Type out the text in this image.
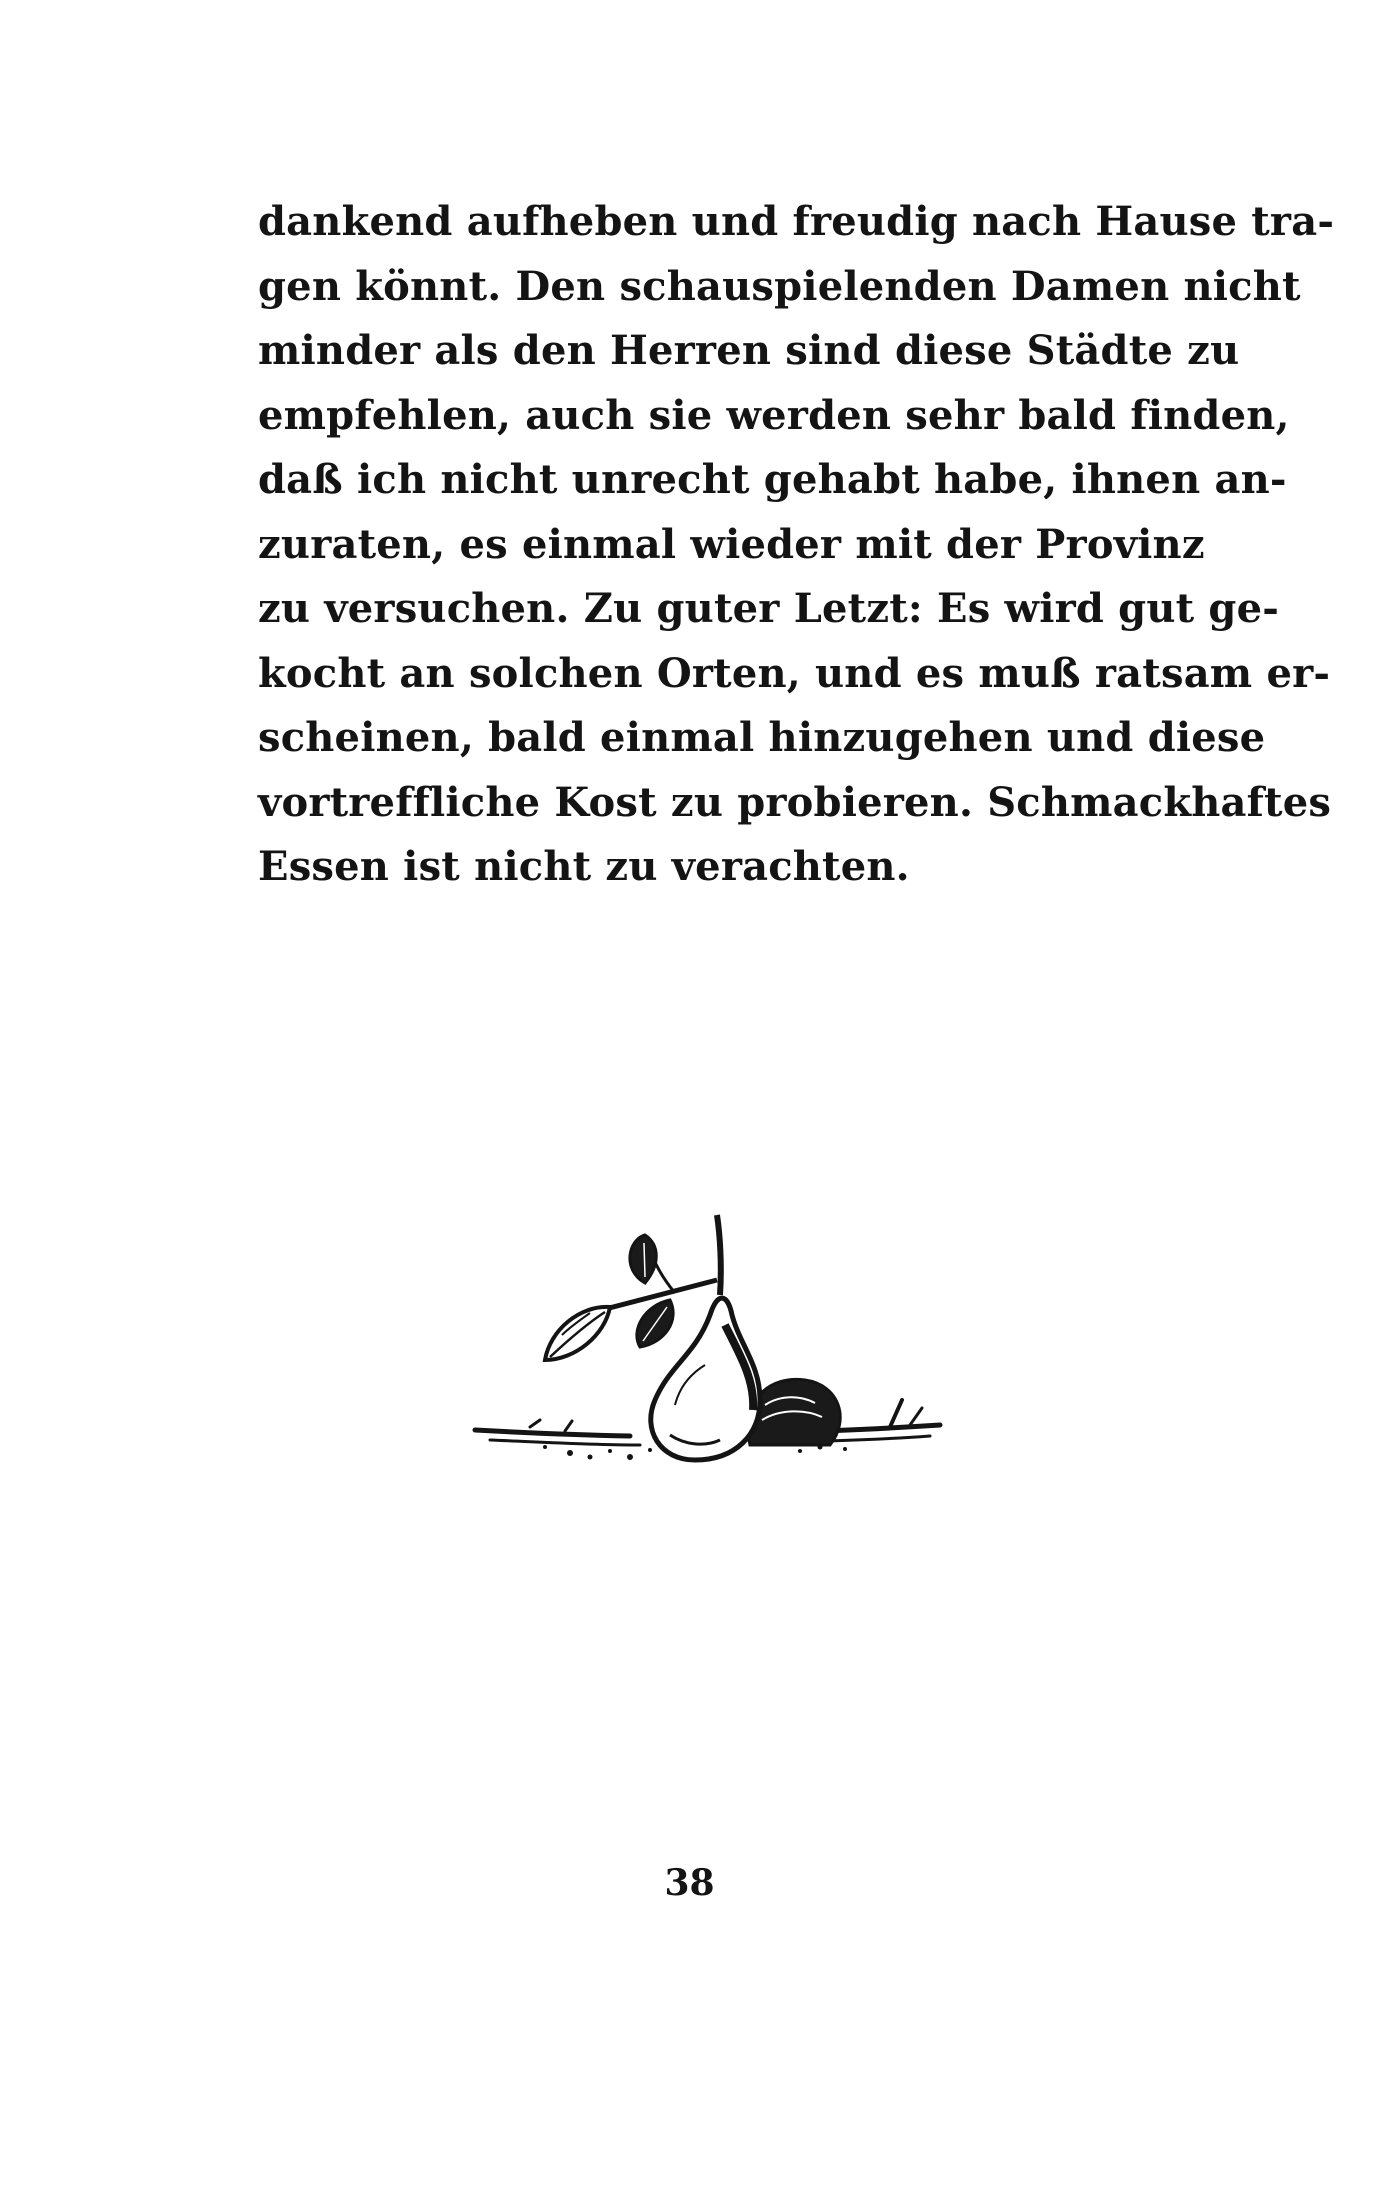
dankend aufheben und freudig nach Hause tra-
gen könnt. Den schauspielenden Damen nicht
minder als den Herren sind diese Städte zu
empfehlen, auch sie werden sehr bald finden,
daß ich nicht unrecht gehabt habe, ihnen an-
zuraten, es einmal wieder mit der Provinz
zu versuchen. Zu guter Letzt: Es wird gut ge-
kocht an solchen Orten, und es muß ratsam er-
scheinen, bald einmal hinzugehen und diese
vortreffliche Kost zu probieren. Schmackhaftes
Essen ist nicht zu verachten.
38
